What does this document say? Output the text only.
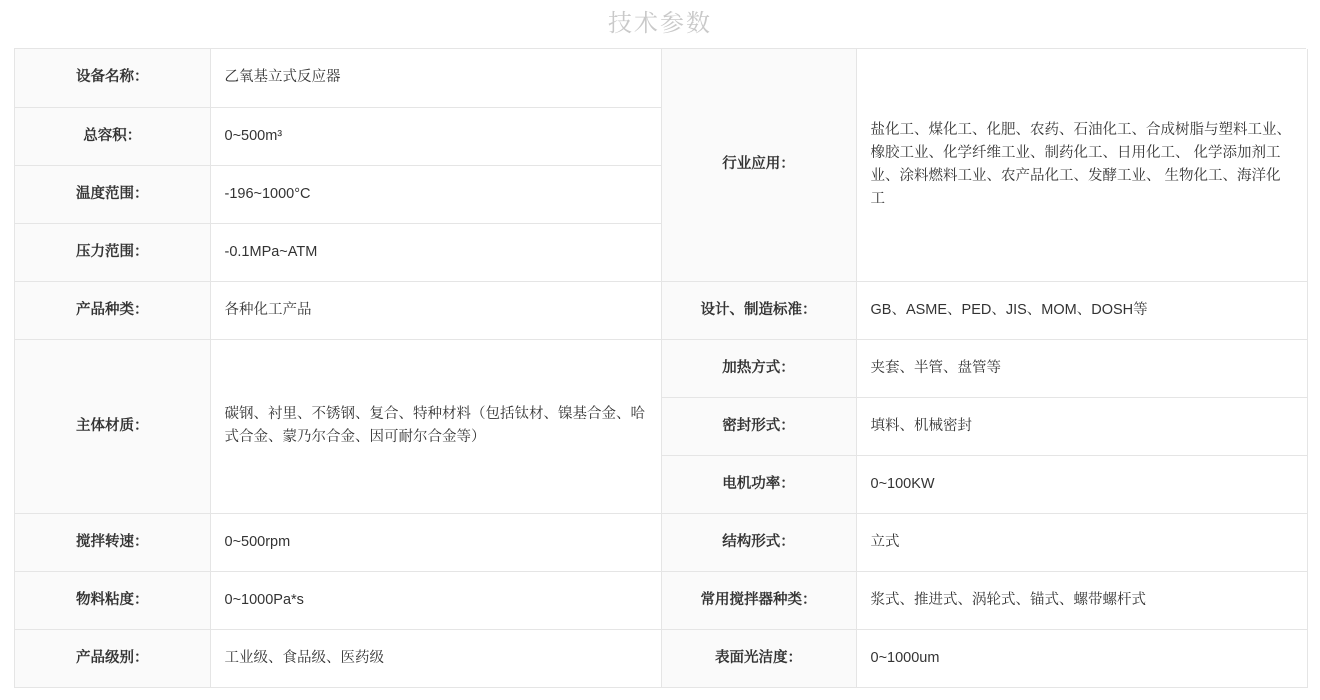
技术参数
设备名称：	乙氧基立式反应器	行业应用：	盐化工、煤化工、化肥、农药、石油化工、合成树脂与塑料工业、 橡胶工业、化学纤维工业、制药化工、日用化工、 化学添加剂工业、涂料燃料工业、农产品化工、发酵工业、 生物化工、海洋化工
总容积：	0~500m³		
温度范围：	-196~1000°C		
压力范围：	-0.1MPa~ATM		
产品种类：	各种化工产品	设计、制造标准：	GB、ASME、PED、JIS、MOM、DOSH等
主体材质：	碳钢、衬里、不锈钢、复合、特种材料（包括钛材、镍基合金、哈式合金、蒙乃尔合金、因可耐尔合金等）	加热方式：	夹套、半管、盘管等
		密封形式：	填料、机械密封
		电机功率：	0~100KW
搅拌转速：	0~500rpm	结构形式：	立式
物料粘度：	0~1000Pa*s	常用搅拌器种类：	浆式、推进式、涡轮式、锚式、螺带螺杆式
产品级别：	工业级、食品级、医药级	表面光洁度：	0~1000um
